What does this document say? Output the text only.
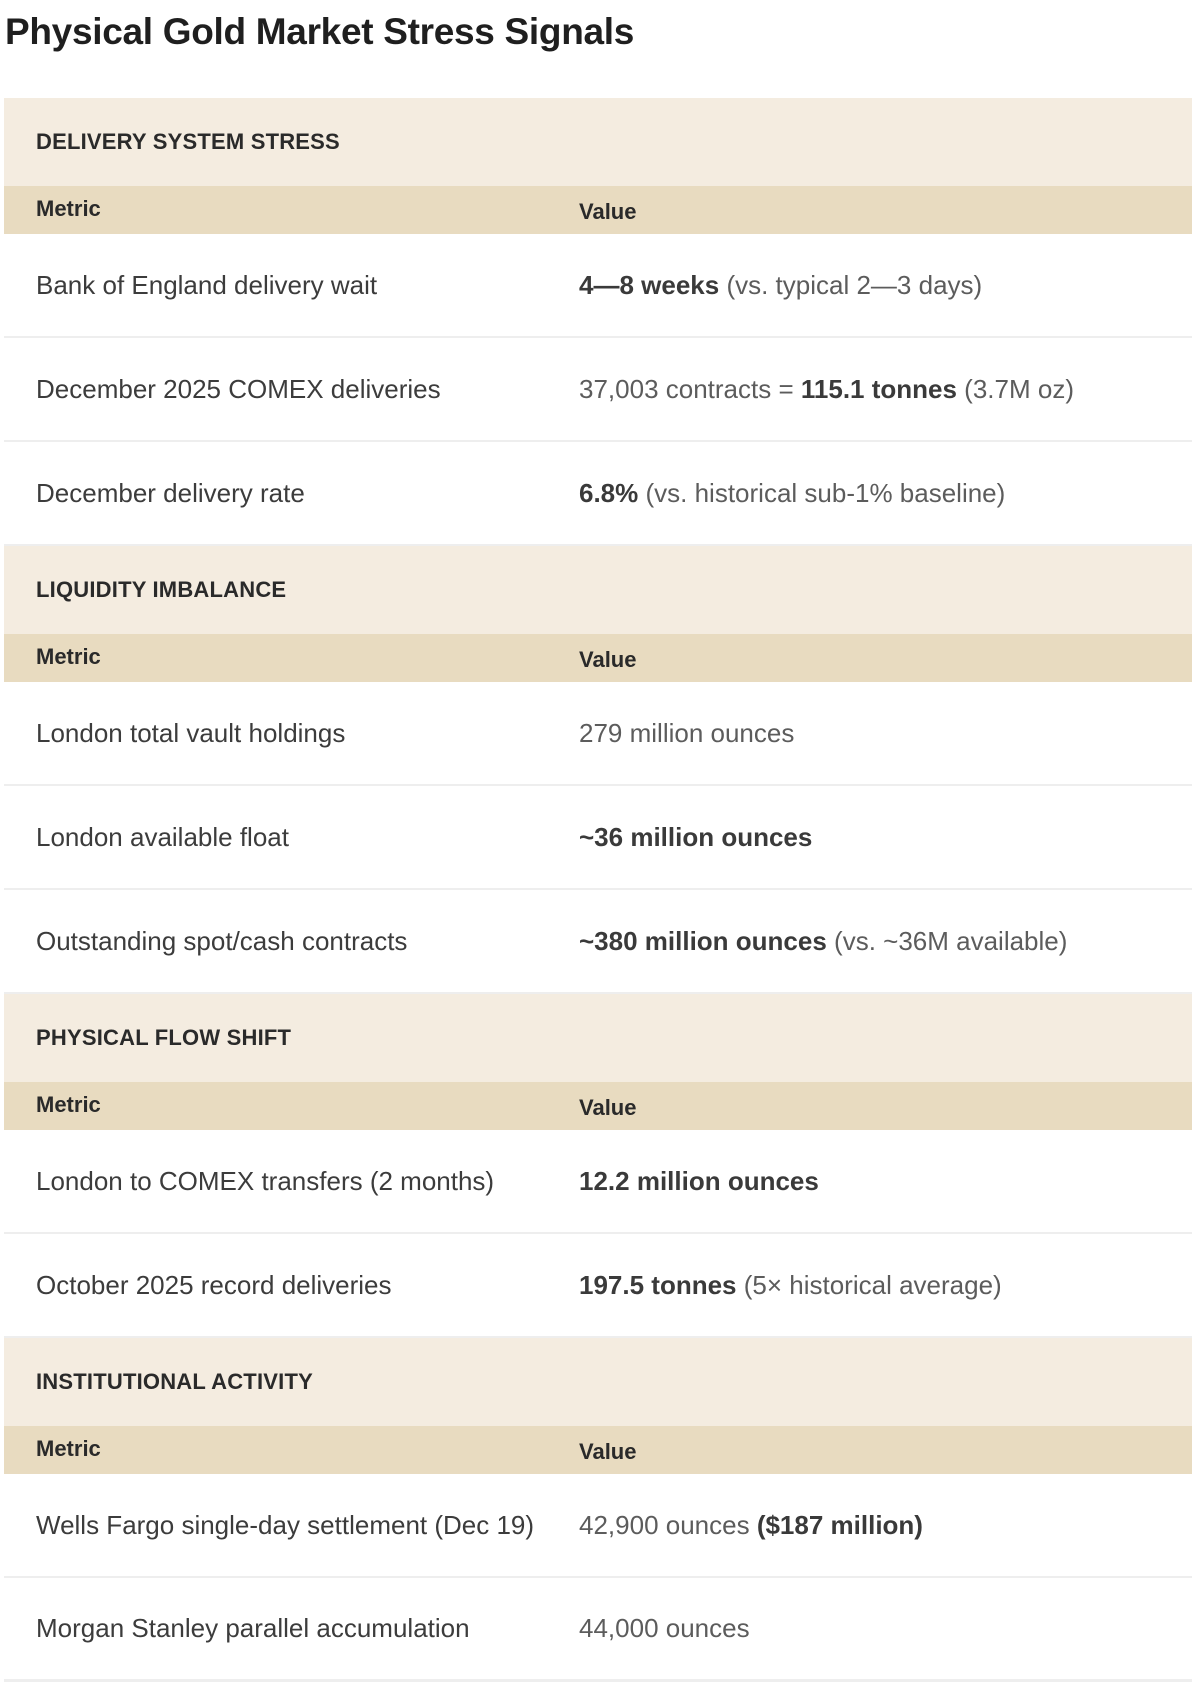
Physical Gold Market Stress Signals
DELIVERY SYSTEM STRESS
Metric	Value
Bank of England delivery wait	4—8 weeks (vs. typical 2—3 days)
December 2025 COMEX deliveries	37,003 contracts = 115.1 tonnes (3.7M oz)
December delivery rate	6.8% (vs. historical sub-1% baseline)
LIQUIDITY IMBALANCE
Metric	Value
London total vault holdings	279 million ounces
London available float	~36 million ounces
Outstanding spot/cash contracts	~380 million ounces (vs. ~36M available)
PHYSICAL FLOW SHIFT
Metric	Value
London to COMEX transfers (2 months)	12.2 million ounces
October 2025 record deliveries	197.5 tonnes (5× historical average)
INSTITUTIONAL ACTIVITY
Metric	Value
Wells Fargo single-day settlement (Dec 19)	42,900 ounces ($187 million)
Morgan Stanley parallel accumulation	44,000 ounces
